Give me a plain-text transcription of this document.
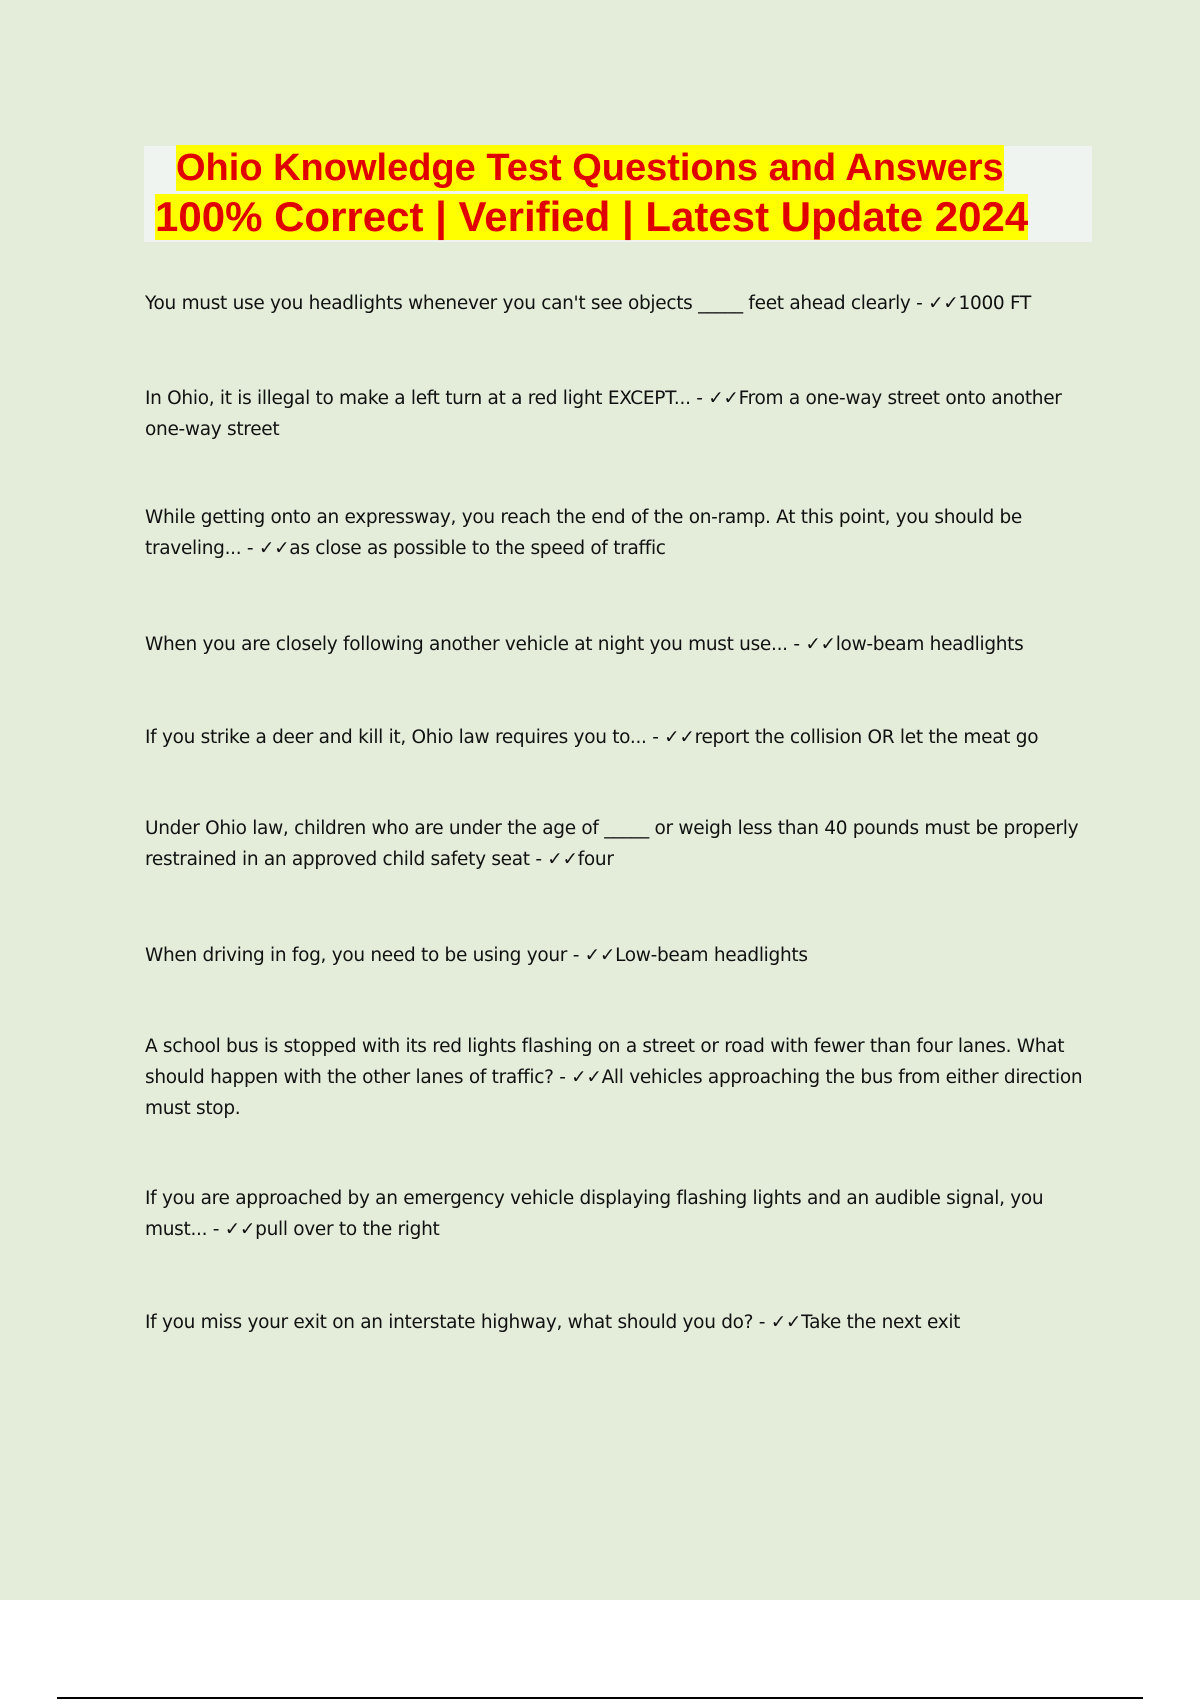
Ohio Knowledge Test Questions and Answers
100% Correct | Verified | Latest Update 2024
You must use you headlights whenever you can't see objects _____ feet ahead clearly - ✓✓1000 FT
In Ohio, it is illegal to make a left turn at a red light EXCEPT... - ✓✓From a one-way street onto another one-way street
While getting onto an expressway, you reach the end of the on-ramp. At this point, you should be traveling... - ✓✓as close as possible to the speed of traffic
When you are closely following another vehicle at night you must use... - ✓✓low-beam headlights
If you strike a deer and kill it, Ohio law requires you to... - ✓✓report the collision OR let the meat go
Under Ohio law, children who are under the age of _____ or weigh less than 40 pounds must be properly restrained in an approved child safety seat - ✓✓four
When driving in fog, you need to be using your - ✓✓Low-beam headlights
A school bus is stopped with its red lights flashing on a street or road with fewer than four lanes. What should happen with the other lanes of traffic? - ✓✓All vehicles approaching the bus from either direction must stop.
If you are approached by an emergency vehicle displaying flashing lights and an audible signal, you must... - ✓✓pull over to the right
If you miss your exit on an interstate highway, what should you do? - ✓✓Take the next exit
